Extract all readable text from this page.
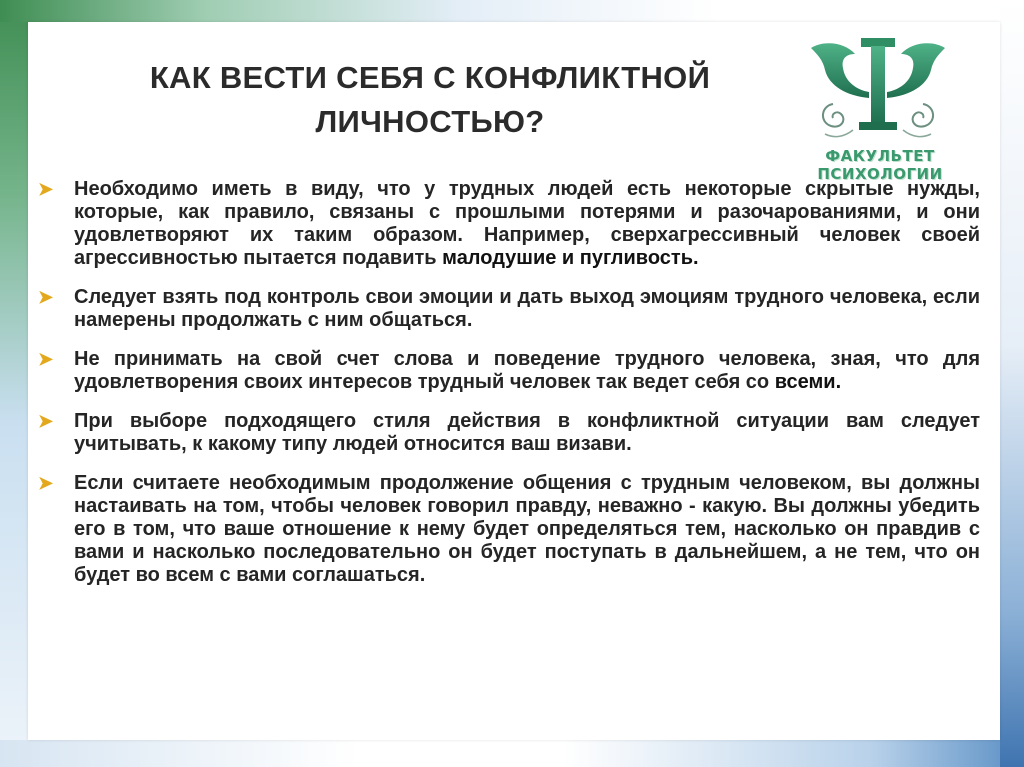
КАК ВЕСТИ СЕБЯ С КОНФЛИКТНОЙ
ЛИЧНОСТЬЮ?
ФАКУЛЬТЕТ ПСИХОЛОГИИ
➤ Необходимо иметь в виду, что у трудных людей есть некоторые скрытые нужды, которые, как правило, связаны с прошлыми потерями и разочарованиями, и они удовлетворяют их таким образом. Например, сверхагрессивный человек своей агрессивностью пытается подавить малодушие и пугливость.
➤ Следует взять под контроль свои эмоции и дать выход эмоциям трудного человека, если намерены продолжать с ним общаться.
➤ Не принимать на свой счет слова и поведение трудного человека, зная, что для удовлетворения своих интересов трудный человек так ведет себя со всеми.
➤ При выборе подходящего стиля действия в конфликтной ситуации вам следует учитывать, к какому типу людей относится ваш визави.
➤ Если считаете необходимым продолжение общения с трудным человеком, вы должны настаивать на том, чтобы человек говорил правду, неважно - какую. Вы должны убедить его в том, что ваше отношение к нему будет определяться тем, насколько он правдив с вами и насколько последовательно он будет поступать в дальнейшем, а не тем, что он будет во всем с вами соглашаться.
